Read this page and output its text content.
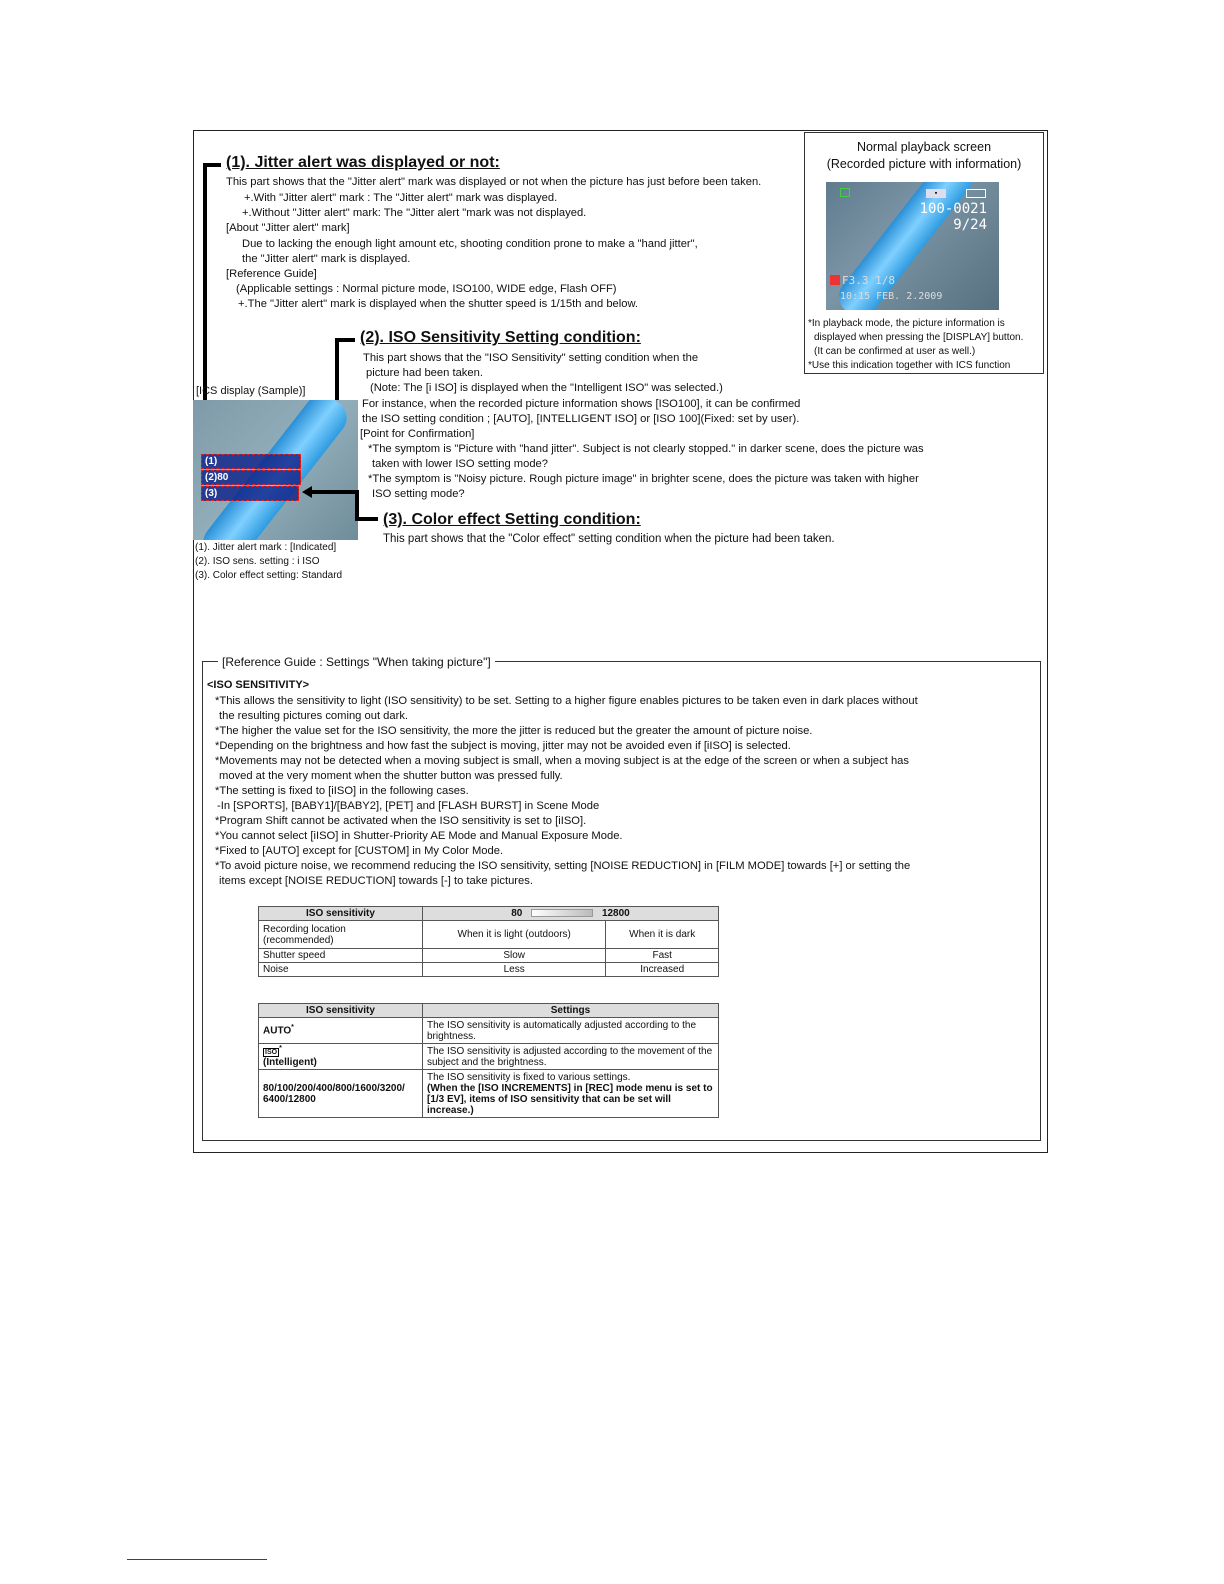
(1). Jitter alert was displayed or not:
This part shows that the "Jitter alert" mark was displayed or not when the picture has just before been taken.
+.With "Jitter alert" mark : The "Jitter alert" mark was displayed.
+.Without "Jitter alert" mark: The "Jitter alert "mark was not displayed.
[About "Jitter alert" mark]
Due to lacking the enough light amount etc, shooting condition prone to make a "hand jitter",
the "Jitter alert" mark is displayed.
[Reference Guide]
(Applicable settings : Normal picture mode, ISO100, WIDE edge, Flash OFF)
+.The "Jitter alert" mark is displayed when the shutter speed is 1/15th and below.
Normal playback screen
(Recorded picture with information)
▪
100-0021
9/24
F3.3 1/8
10:15 FEB. 2.2009
*In playback mode, the picture information is
displayed when pressing the [DISPLAY] button.
(It can be confirmed at user as well.)
*Use this indication together with ICS function
(2). ISO Sensitivity Setting condition:
This part shows that the "ISO Sensitivity" setting condition when the
picture had been taken.
(Note: The [i ISO] is displayed when the "Intelligent ISO" was selected.)
For instance, when the recorded picture information shows [ISO100], it can be confirmed
the ISO setting condition ; [AUTO], [INTELLIGENT ISO] or [ISO 100](Fixed: set by user).
[Point for Confirmation]
*The symptom is "Picture with "hand jitter". Subject is not clearly stopped." in darker scene, does the picture was
taken with lower ISO setting mode?
*The symptom is "Noisy picture. Rough picture image" in brighter scene, does the picture was taken with higher
ISO setting mode?
[ICS display (Sample)]
(1)
(2)80
(3)
(1). Jitter alert mark : [Indicated]
(2). ISO sens. setting : i ISO
(3). Color effect setting: Standard
(3). Color effect Setting condition:
This part shows that the "Color effect" setting condition when the picture had been taken.
[Reference Guide : Settings "When taking picture"]
<ISO SENSITIVITY>
*This allows the sensitivity to light (ISO sensitivity) to be set. Setting to a higher figure enables pictures to be taken even in dark places without
the resulting pictures coming out dark.
*The higher the value set for the ISO sensitivity, the more the jitter is reduced but the greater the amount of picture noise.
*Depending on the brightness and how fast the subject is moving, jitter may not be avoided even if [iISO] is selected.
*Movements may not be detected when a moving subject is small, when a moving subject is at the edge of the screen or when a subject has
moved at the very moment when the shutter button was pressed fully.
*The setting is fixed to [iISO] in the following cases.
-In [SPORTS], [BABY1]/[BABY2], [PET] and [FLASH BURST] in Scene Mode
*Program Shift cannot be activated when the ISO sensitivity is set to [iISO].
*You cannot select [iISO] in Shutter-Priority AE Mode and Manual Exposure Mode.
*Fixed to [AUTO] except for [CUSTOM] in My Color Mode.
*To avoid picture noise, we recommend reducing the ISO sensitivity, setting [NOISE REDUCTION] in [FILM MODE] towards [+] or setting the
items except [NOISE REDUCTION] towards [-] to take pictures.
ISO sensitivity	80 12800	
Recording location (recommended)	When it is light (outdoors)	When it is dark
Shutter speed	Slow	Fast
Noise	Less	Increased
ISO sensitivity	Settings
AUTO*	The ISO sensitivity is automatically adjusted according to the brightness.
ISO*
(Intelligent)	The ISO sensitivity is adjusted according to the movement of the subject and the brightness.
80/100/200/400/800/1600/3200/ 6400/12800	The ISO sensitivity is fixed to various settings.
(When the [ISO INCREMENTS] in [REC] mode menu is set to [1/3 EV], items of ISO sensitivity that can be set will increase.)
